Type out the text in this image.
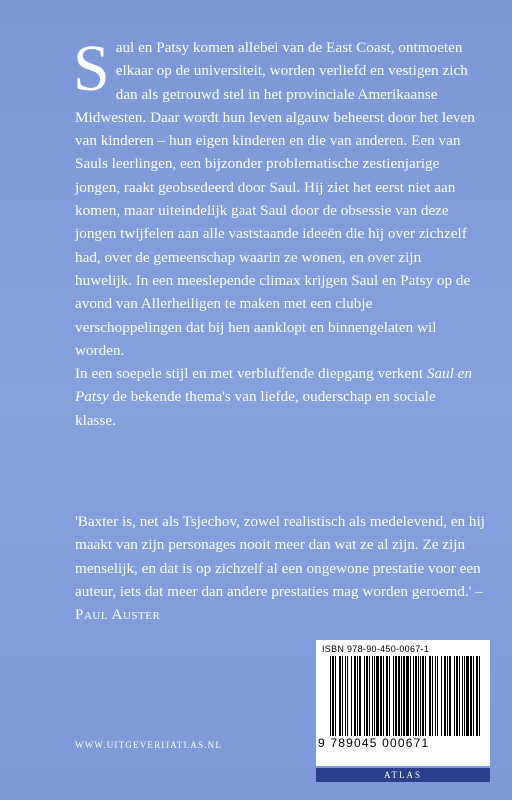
Saul en Patsy komen allebei van de East Coast, ontmoeten elkaar op de universiteit, worden verliefd en vestigen zich dan als getrouwd stel in het provinciale Amerikaanse Midwesten. Daar wordt hun leven algauw beheerst door het leven van kinderen – hun eigen kinderen en die van anderen. Een van Sauls leerlingen, een bijzonder problematische zestienjarige jongen, raakt geobsedeerd door Saul. Hij ziet het eerst niet aan komen, maar uiteindelijk gaat Saul door de obsessie van deze jongen twijfelen aan alle vaststaande ideeën die hij over zichzelf had, over de gemeenschap waarin ze wonen, en over zijn huwelijk. In een meeslepende climax krijgen Saul en Patsy op de avond van Allerheiligen te maken met een clubje verschoppelingen dat bij hen aanklopt en binnengelaten wil worden.

In een soepele stijl en met verbluffende diepgang verkent Saul en Patsy de bekende thema's van liefde, ouderschap en sociale klasse.

'Baxter is, net als Tsjechov, zowel realistisch als medelevend, en hij maakt van zijn personages nooit meer dan wat ze al zijn. Ze zijn menselijk, en dat is op zichzelf al een ongewone prestatie voor een auteur, iets dat meer dan andere prestaties mag worden geroemd.' – Paul Auster

WWW.UITGEVERIJATLAS.NL
ISBN 978-90-450-0067-1
9 789045 000671
ATLAS
